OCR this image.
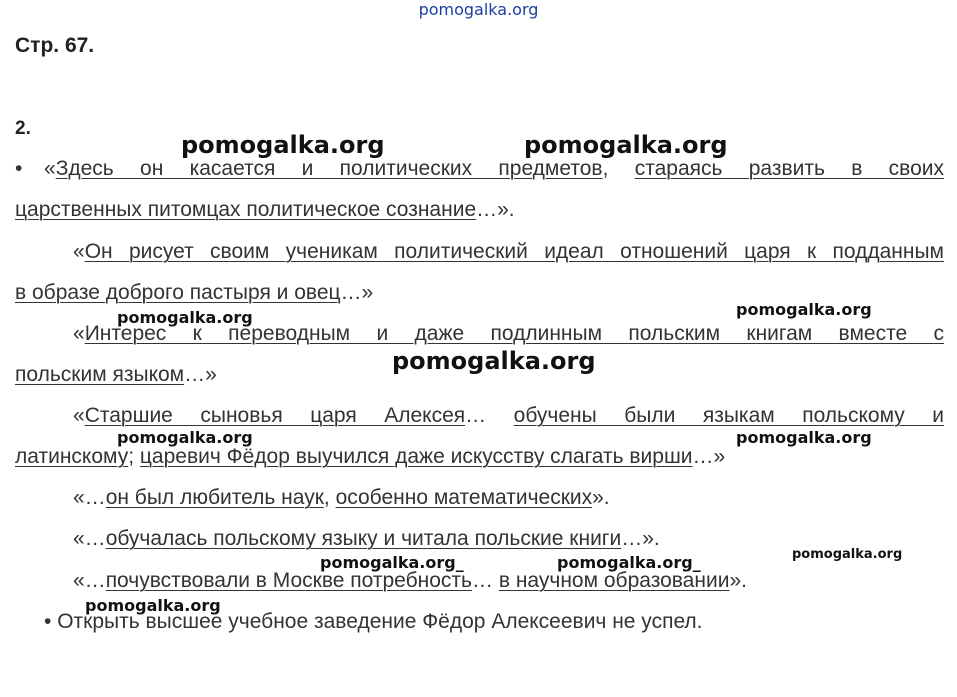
pomogalka.org
Стр. 67.
2.
• «Здесь он касается и политических предметов, стараясь развить в своих
царственных питомцах политическое сознание…».
«Он рисует своим ученикам политический идеал отношений царя к подданным
в образе доброго пастыря и овец…»
«Интерес к переводным и даже подлинным польским книгам вместе с
польским языком…»
«Старшие сыновья царя Алексея… обучены были языкам польскому и
латинскому; царевич Фёдор выучился даже искусству слагать вирши…»
«…он был любитель наук, особенно математических».
«…обучалась польскому языку и читала польские книги…».
«…почувствовали в Москве потребность… в научном образовании».
• Открыть высшее учебное заведение Фёдор Алексеевич не успел.
pomogalka.org	pomogalka.org
pomogalka.org
pomogalka.org
pomogalka.org
pomogalka.org	pomogalka.org
pomogalka.org_	pomogalka.org_
pomogalka.org
pomogalka.org
